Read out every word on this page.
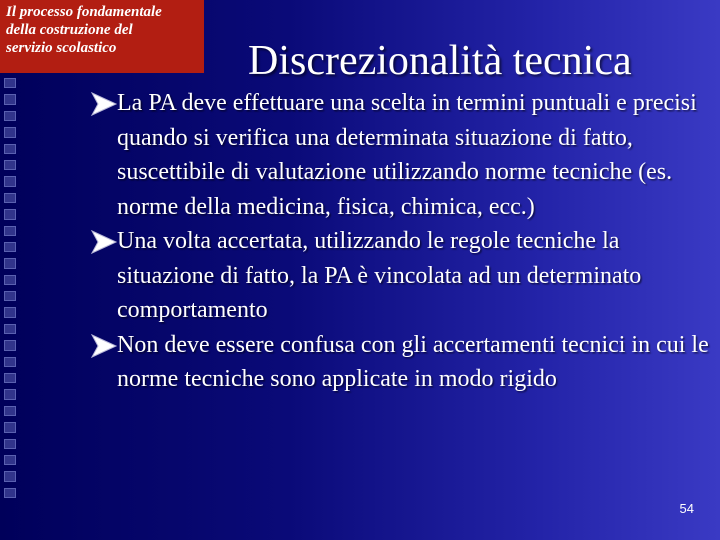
Il processo fondamentale
della costruzione del
servizio scolastico	Discrezionalità tecnica
La PA deve effettuare una scelta in termini puntuali e precisi quando si verifica una determinata situazione di fatto, suscettibile di valutazione utilizzando norme tecniche (es. norme della medicina, fisica, chimica, ecc.)
Una volta accertata, utilizzando le regole tecniche la situazione di fatto, la PA è vincolata ad un determinato comportamento
Non deve essere confusa con gli accertamenti tecnici in cui le norme tecniche sono applicate in modo rigido
54
